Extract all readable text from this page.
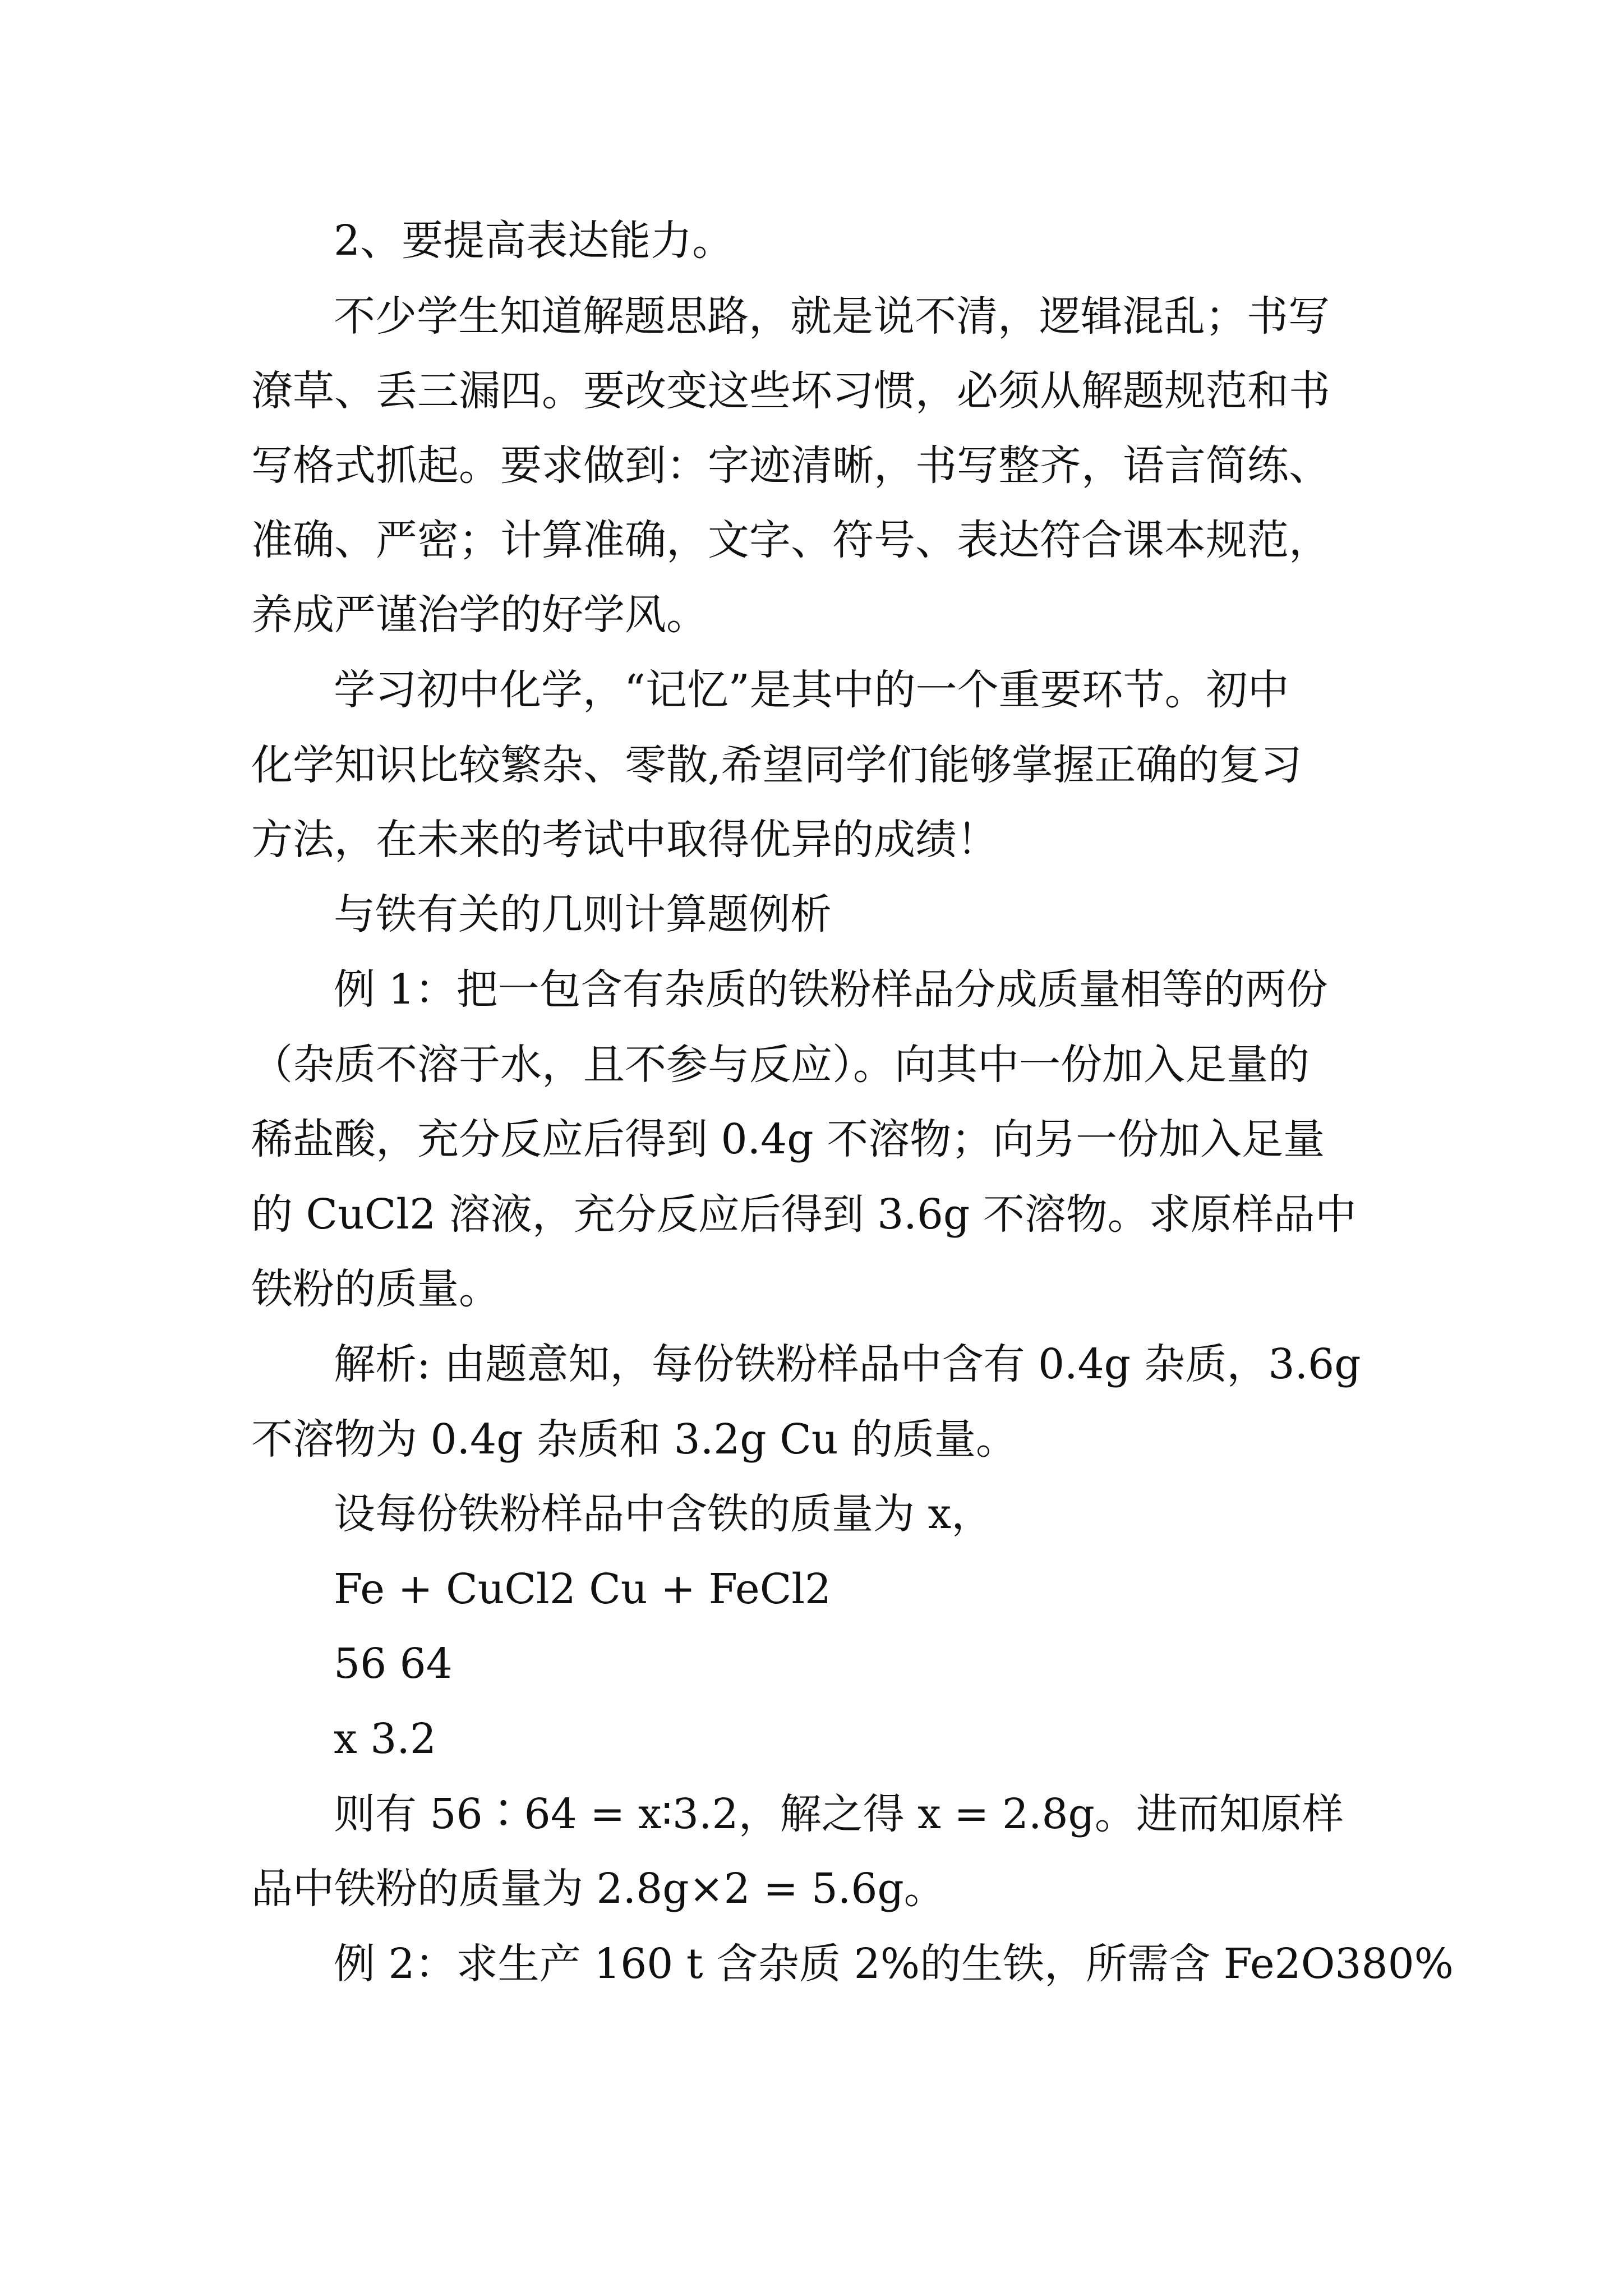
2、要提高表达能力。
不少学生知道解题思路，就是说不清，逻辑混乱；书写
潦草、丢三漏四。要改变这些坏习惯，必须从解题规范和书
写格式抓起。要求做到：字迹清晰，书写整齐，语言简练、
准确、严密；计算准确，文字、符号、表达符合课本规范，
养成严谨治学的好学风。
学习初中化学，“记忆”是其中的一个重要环节。初中
化学知识比较繁杂、零散,希望同学们能够掌握正确的复习
方法，在未来的考试中取得优异的成绩！
与铁有关的几则计算题例析
例 1：把一包含有杂质的铁粉样品分成质量相等的两份
（杂质不溶于水，且不参与反应）。向其中一份加入足量的
稀盐酸，充分反应后得到 0.4g 不溶物；向另一份加入足量
的 CuCl2 溶液，充分反应后得到 3.6g 不溶物。求原样品中
铁粉的质量。
解析: 由题意知，每份铁粉样品中含有 0.4g 杂质，3.6g
不溶物为 0.4g 杂质和 3.2g Cu 的质量。
设每份铁粉样品中含铁的质量为 x，
Fe + CuCl2 Cu + FeCl2
56 64
x 3.2
则有 56∶64 = x∶3.2，解之得 x = 2.8g。进而知原样
品中铁粉的质量为 2.8g×2 = 5.6g。
例 2：求生产 160 t 含杂质 2%的生铁，所需含 Fe2O380%
